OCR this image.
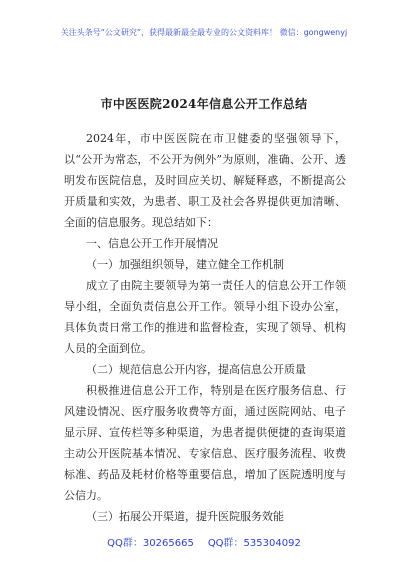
关注头条号“公文研究”，获得最新最全最专业的公文资料库！ 微信：gongwenyj
市中医医院2024年信息公开工作总结

2024年，市中医医院在市卫健委的坚强领导下，以“公开为常态，不公开为例外”为原则，准确、公开、透明发布医院信息，及时回应关切、解疑释惑，不断提高公开质量和实效，为患者、职工及社会各界提供更加清晰、全面的信息服务。现总结如下：

一、信息公开工作开展情况

（一）加强组织领导，建立健全工作机制

成立了由院主要领导为第一责任人的信息公开工作领导小组，全面负责信息公开工作。领导小组下设办公室，具体负责日常工作的推进和监督检查，实现了领导、机构人员的全面到位。

（二）规范信息公开内容，提高信息公开质量

积极推进信息公开工作，特别是在医疗服务信息、行风建设情况、医疗服务收费等方面，通过医院网站、电子显示屏、宣传栏等多种渠道，为患者提供便捷的查询渠道主动公开医院基本情况、专家信息、医疗服务流程、收费标准、药品及耗材价格等重要信息，增加了医院透明度与公信力。

（三）拓展公开渠道，提升医院服务效能

QQ群：30265665 QQ群：535304092
